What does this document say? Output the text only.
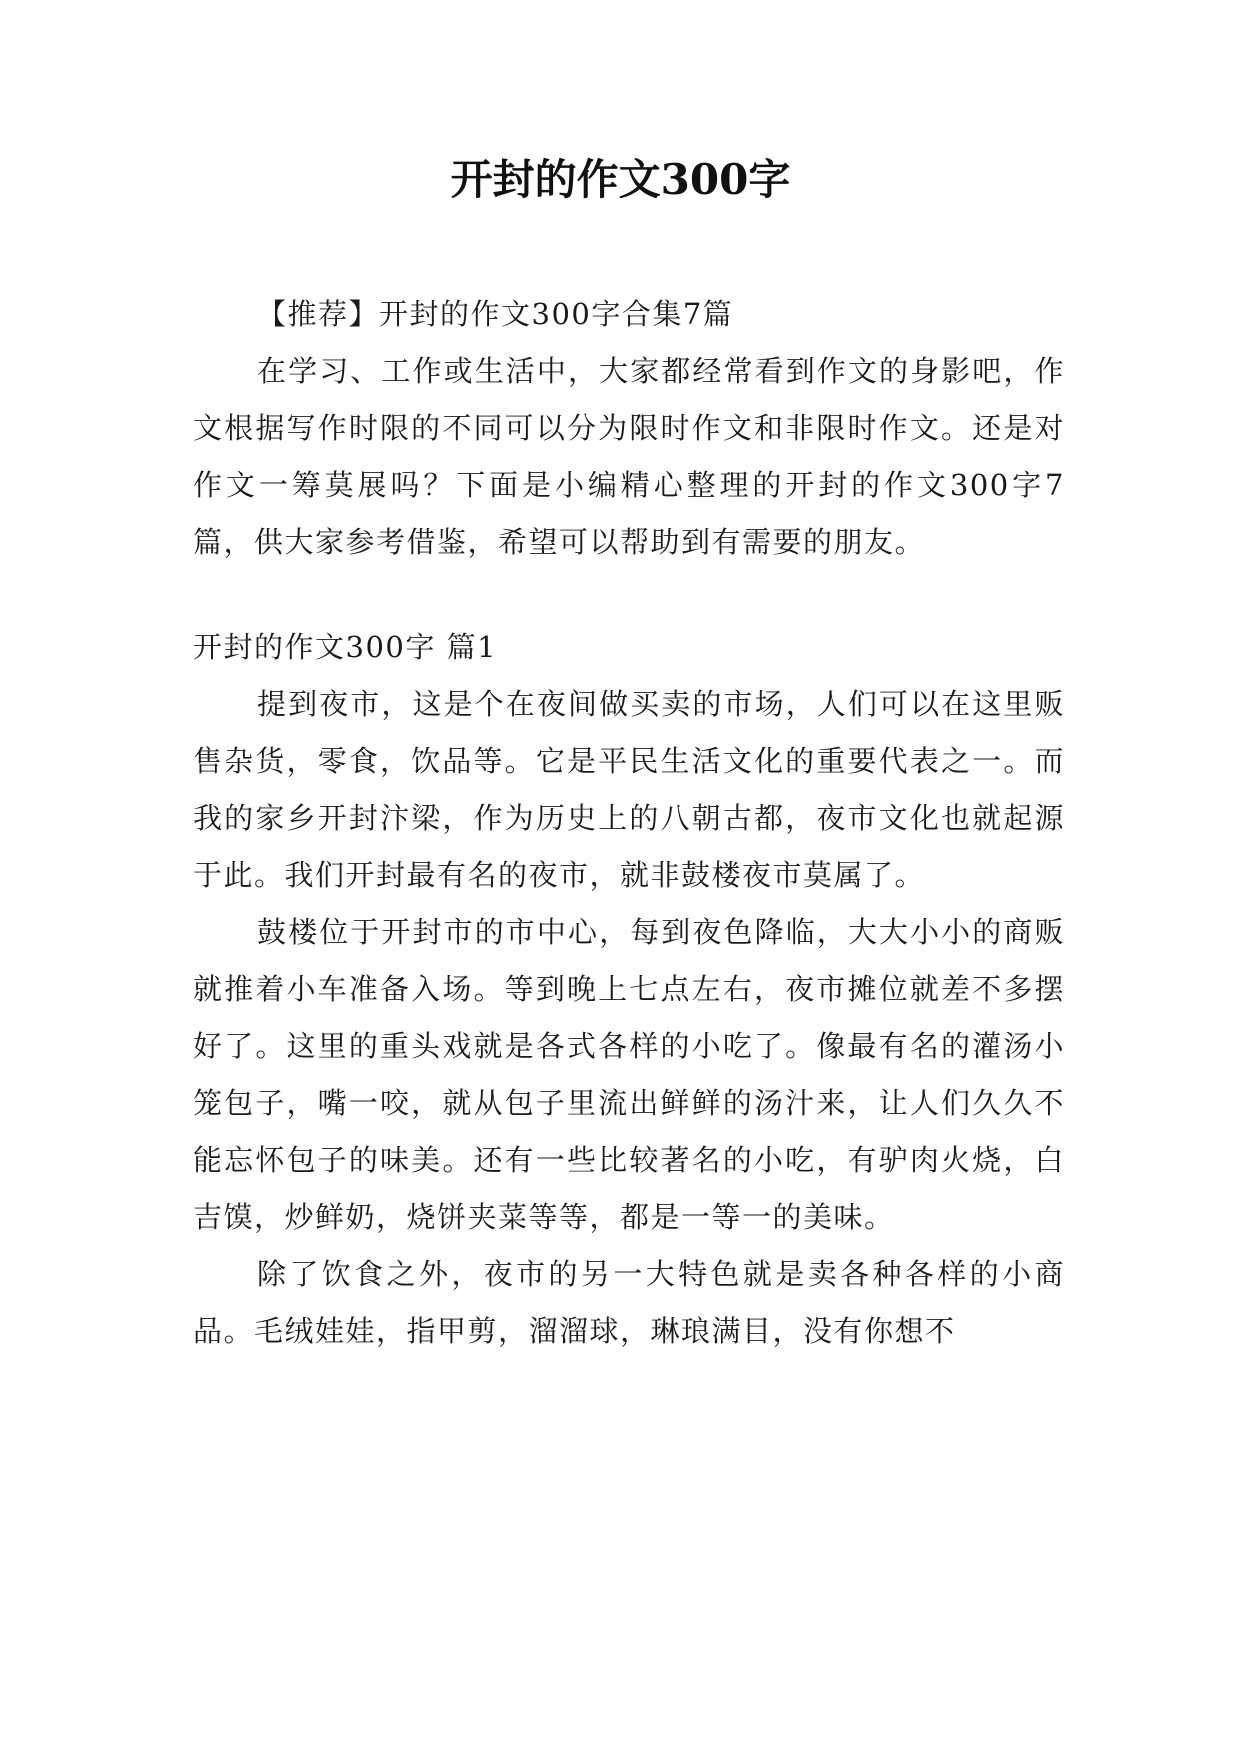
开封的作文300字

【推荐】开封的作文300字合集7篇

在学习、工作或生活中，大家都经常看到作文的身影吧，作文根据写作时限的不同可以分为限时作文和非限时作文。还是对作文一筹莫展吗？下面是小编精心整理的开封的作文300字7篇，供大家参考借鉴，希望可以帮助到有需要的朋友。

开封的作文300字 篇1

提到夜市，这是个在夜间做买卖的市场，人们可以在这里贩售杂货，零食，饮品等。它是平民生活文化的重要代表之一。而我的家乡开封汴梁，作为历史上的八朝古都，夜市文化也就起源于此。我们开封最有名的夜市，就非鼓楼夜市莫属了。

鼓楼位于开封市的市中心，每到夜色降临，大大小小的商贩就推着小车准备入场。等到晚上七点左右，夜市摊位就差不多摆好了。这里的重头戏就是各式各样的小吃了。像最有名的灌汤小笼包子，嘴一咬，就从包子里流出鲜鲜的汤汁来，让人们久久不能忘怀包子的味美。还有一些比较著名的小吃，有驴肉火烧，白吉馍，炒鲜奶，烧饼夹菜等等，都是一等一的美味。

除了饮食之外，夜市的另一大特色就是卖各种各样的小商品。毛绒娃娃，指甲剪，溜溜球，琳琅满目，没有你想不
